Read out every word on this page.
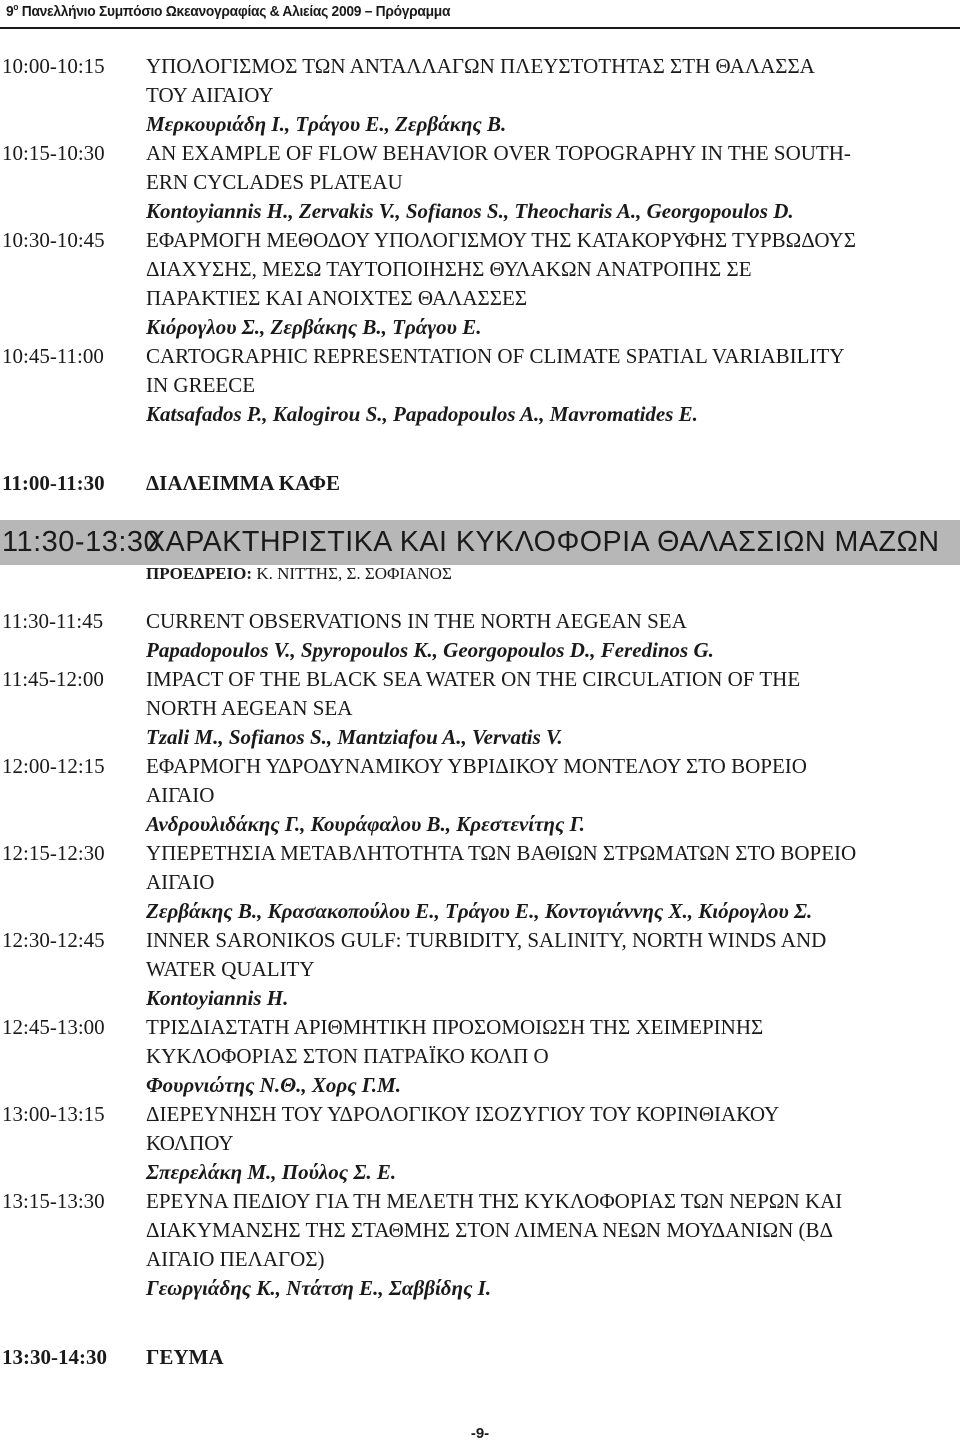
$9^o$ Πανελλήνιο Συμπόσιο Ωκεανογραφίας & Αλιείας 2009 – Πρόγραμμα
10:00-10:15	ΥΠΟΛΟΓΙΣΜΟΣ ΤΩΝ ΑΝΤΑΛΛΑΓΩΝ ΠΛΕΥΣΤΟΤΗΤΑΣ ΣΤΗ ΘΑΛΑΣΣΑ
ΤΟΥ ΑΙΓΑΙΟΥ
Μερκουριάδη Ι., Τράγου Ε., Ζερβάκης Β.
10:15-10:30	AN EXAMPLE OF FLOW BEHAVIOR OVER TOPOGRAPHY IN THE SOUTH-
ERN CYCLADES PLATEAU
Kontoyiannis H., Zervakis V., Sofianos S., Theocharis A., Georgopoulos D.
10:30-10:45	ΕΦΑΡΜΟΓΗ ΜΕΘΟΔΟΥ ΥΠΟΛΟΓΙΣΜΟΥ ΤΗΣ ΚΑΤΑΚΟΡΥΦΗΣ ΤΥΡΒΩΔΟΥΣ
ΔΙΑΧΥΣΗΣ, ΜΕΣΩ ΤΑΥΤΟΠΟΙΗΣΗΣ ΘΥΛΑΚΩΝ ΑΝΑΤΡΟΠΗΣ ΣΕ
ΠΑΡΑΚΤΙΕΣ ΚΑΙ ΑΝΟΙΧΤΕΣ ΘΑΛΑΣΣΕΣ
Κιόρογλου Σ., Ζερβάκης Β., Τράγου Ε.
10:45-11:00	CARTOGRAPHIC REPRESENTATION OF CLIMATE SPATIAL VARIABILITY
IN GREECE
Katsafados P., Kalogirou S., Papadopoulos A., Mavromatides E.
11:00-11:30	ΔΙΑΛΕΙΜΜΑ ΚΑΦΕ
11:30-13:30
ΧΑΡΑΚΤΗΡΙΣΤΙΚΑ ΚΑΙ ΚΥΚΛΟΦΟΡΙΑ ΘΑΛΑΣΣΙΩΝ ΜΑΖΩΝ
ΠΡΟΕΔΡΕΙΟ: Κ. ΝΙΤΤΗΣ, Σ. ΣΟΦΙΑΝΟΣ
11:30-11:45	CURRENT OBSERVATIONS IN THE NORTH AEGEAN SEA
Papadopoulos V., Spyropoulos K., Georgopoulos D., Feredinos G.
11:45-12:00	IMPACT OF THE BLACK SEA WATER ON THE CIRCULATION OF THE
NORTH AEGEAN SEA
Tzali M., Sofianos S., Mantziafou A., Vervatis V.
12:00-12:15	ΕΦΑΡΜΟΓΗ ΥΔΡΟΔΥΝΑΜΙΚΟΥ ΥΒΡΙΔΙΚΟΥ ΜΟΝΤΕΛΟΥ ΣΤΟ ΒΟΡΕΙΟ
ΑΙΓΑΙΟ
Ανδρουλιδάκης Γ., Κουράφαλου Β., Κρεστενίτης Γ.
12:15-12:30	ΥΠΕΡΕΤΗΣΙΑ ΜΕΤΑΒΛΗΤΟΤΗΤΑ ΤΩΝ ΒΑΘΙΩΝ ΣΤΡΩΜΑΤΩΝ ΣΤΟ ΒΟΡΕΙΟ
ΑΙΓΑΙΟ
Ζερβάκης Β., Κρασακοπούλου Ε., Τράγου Ε., Κοντογιάννης Χ., Κιόρογλου Σ.
12:30-12:45	INNER SARONIKOS GULF: TURBIDITY, SALINITY, NORTH WINDS AND
WATER QUALITY
Kontoyiannis H.
12:45-13:00	ΤΡΙΣΔΙΑΣΤΑΤΗ ΑΡΙΘΜΗΤΙΚΗ ΠΡΟΣΟΜΟΙΩΣΗ ΤΗΣ ΧΕΙΜΕΡΙΝΗΣ
ΚΥΚΛΟΦΟΡΙΑΣ ΣΤΟΝ ΠΑΤΡΑΪΚΟ ΚΟΛΠ Ο
Φουρνιώτης Ν.Θ., Χορς Γ.Μ.
13:00-13:15	ΔΙΕΡΕΥΝΗΣΗ ΤΟΥ ΥΔΡΟΛΟΓΙΚΟΥ ΙΣΟΖΥΓΙΟΥ ΤΟΥ ΚΟΡΙΝΘΙΑΚΟΥ
ΚΟΛΠΟΥ
Σπερελάκη Μ., Πούλος Σ. Ε.
13:15-13:30	ΕΡΕΥΝΑ ΠΕΔΙΟΥ ΓΙΑ ΤΗ ΜΕΛΕΤΗ ΤΗΣ ΚΥΚΛΟΦΟΡΙΑΣ ΤΩΝ ΝΕΡΩΝ ΚΑΙ
ΔΙΑΚΥΜΑΝΣΗΣ ΤΗΣ ΣΤΑΘΜΗΣ ΣΤΟΝ ΛΙΜΕΝΑ ΝΕΩΝ ΜΟΥΔΑΝΙΩΝ (ΒΔ
ΑΙΓΑΙΟ ΠΕΛΑΓΟΣ)
Γεωργιάδης Κ., Ντάτση Ε., Σαββίδης Ι.
13:30-14:30	ΓΕΥΜΑ
-9-
